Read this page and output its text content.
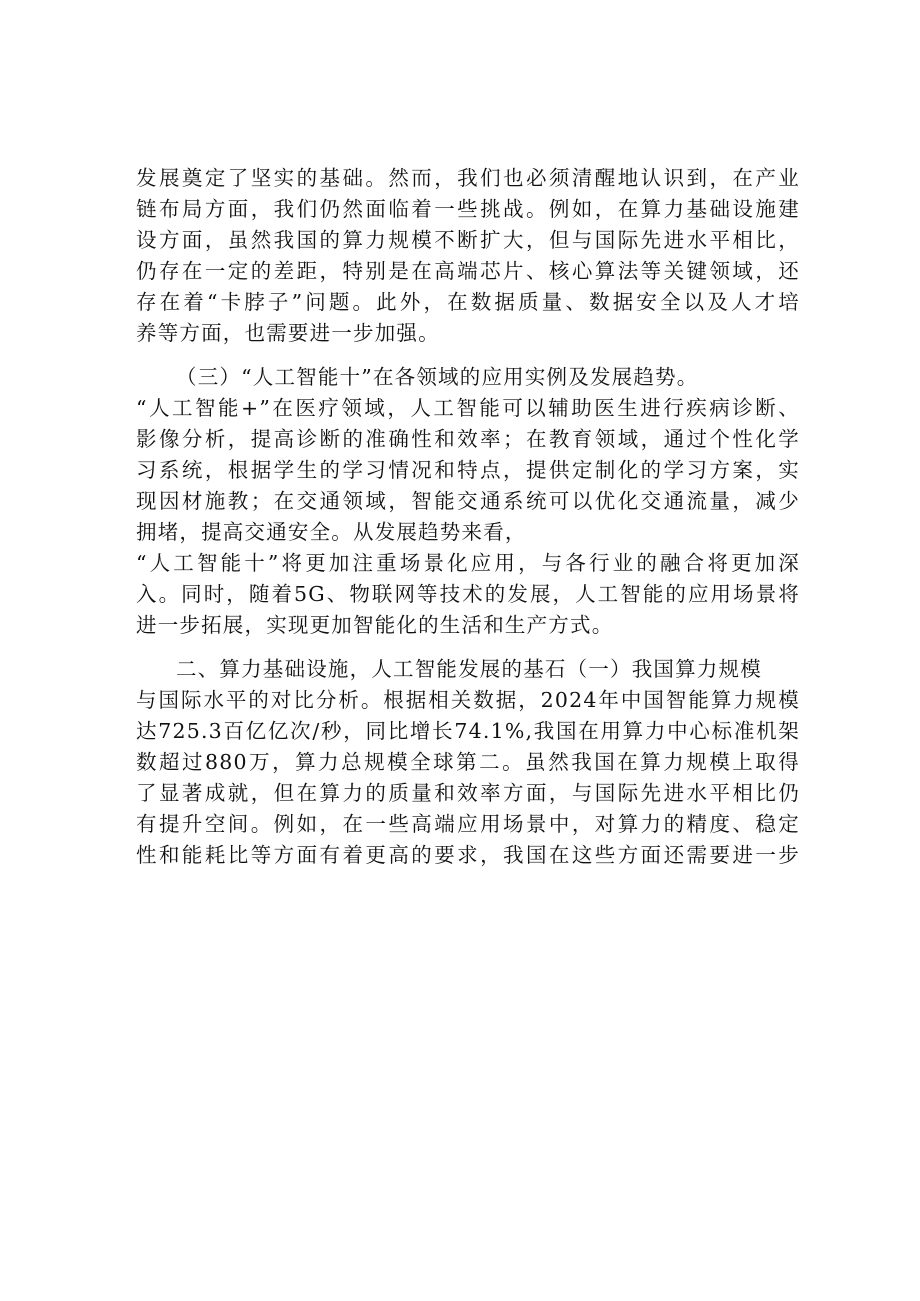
发展奠定了坚实的基础。然而，我们也必须清醒地认识到，在产业
链布局方面，我们仍然面临着一些挑战。例如，在算力基础设施建
设方面，虽然我国的算力规模不断扩大，但与国际先进水平相比，
仍存在一定的差距，特别是在高端芯片、核心算法等关键领域，还
存在着“卡脖子”问题。此外，在数据质量、数据安全以及人才培
养等方面，也需要进一步加强。
（三）“人工智能十”在各领域的应用实例及发展趋势。
“人工智能+”在医疗领域，人工智能可以辅助医生进行疾病诊断、
影像分析，提高诊断的准确性和效率；在教育领域，通过个性化学
习系统，根据学生的学习情况和特点，提供定制化的学习方案，实
现因材施教；在交通领域，智能交通系统可以优化交通流量，减少
拥堵，提高交通安全。从发展趋势来看，
“人工智能十”将更加注重场景化应用，与各行业的融合将更加深
入。同时，随着5G、物联网等技术的发展，人工智能的应用场景将
进一步拓展，实现更加智能化的生活和生产方式。
二、算力基础设施，人工智能发展的基石（一）我国算力规模
与国际水平的对比分析。根据相关数据，2024年中国智能算力规模
达725.3百亿亿次/秒，同比增长74.1%,我国在用算力中心标准机架
数超过880万，算力总规模全球第二。虽然我国在算力规模上取得
了显著成就，但在算力的质量和效率方面，与国际先进水平相比仍
有提升空间。例如，在一些高端应用场景中，对算力的精度、稳定
性和能耗比等方面有着更高的要求，我国在这些方面还需要进一步
